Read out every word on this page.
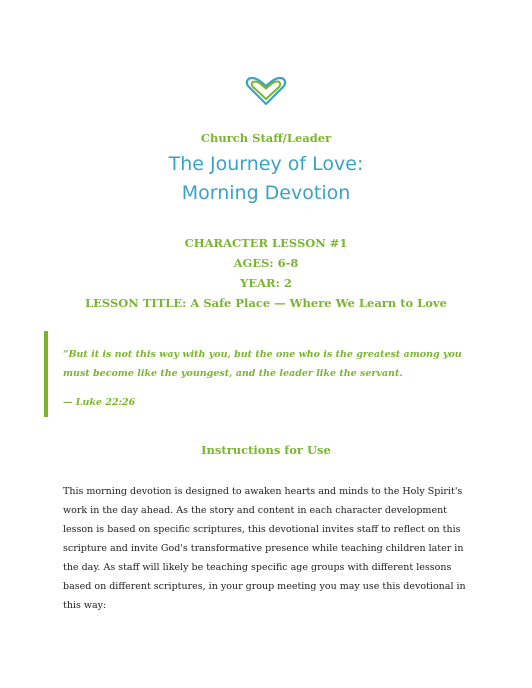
Church Staff/Leader
The Journey of Love:
Morning Devotion
CHARACTER LESSON #1
AGES: 6-8
YEAR: 2
LESSON TITLE: A Safe Place — Where We Learn to Love
“But it is not this way with you, but the one who is the greatest among you must become like the youngest, and the leader like the servant.
— Luke 22:26
Instructions for Use
This morning devotion is designed to awaken hearts and minds to the Holy Spirit's work in the day ahead. As the story and content in each character development lesson is based on specific scriptures, this devotional invites staff to reflect on this scripture and invite God's transformative presence while teaching children later in the day. As staff will likely be teaching specific age groups with different lessons based on different scriptures, in your group meeting you may use this devotional in this way:
